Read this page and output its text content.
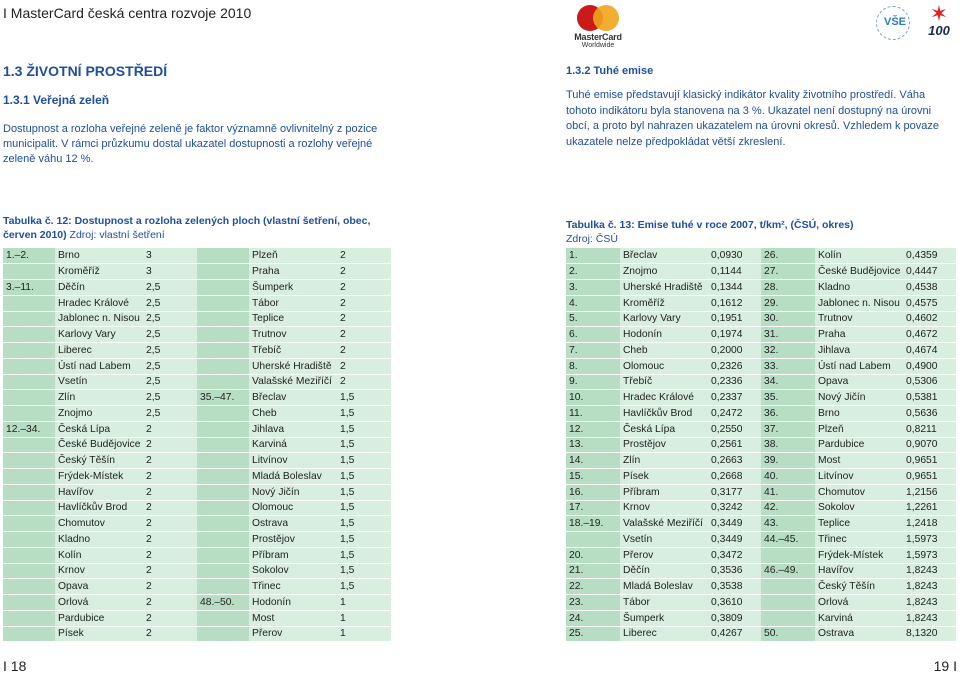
I MasterCard česká centra rozvoje 2010
1.3 ŽIVOTNÍ PROSTŘEDÍ
1.3.1 Veřejná zeleň
Dostupnost a rozloha veřejné zeleně je faktor významně ovlivnitelný z pozice municipalit. V rámci průzkumu dostal ukazatel dostupnosti a rozlohy veřejné zeleně váhu 12 %.
Tabulka č. 12: Dostupnost a rozloha zelených ploch (vlastní šetření, obec, červen 2010) Zdroj: vlastní šetření
1.–2.	Brno	3		Plzeň	2
	Kroměříž	3		Praha	2
3.–11.	Děčín	2,5		Šumperk	2
	Hradec Králové	2,5		Tábor	2
	Jablonec n. Nisou	2,5		Teplice	2
	Karlovy Vary	2,5		Trutnov	2
	Liberec	2,5		Třebíč	2
	Ústí nad Labem	2,5		Uherské Hradiště	2
	Vsetín	2,5		Valašské Meziříčí	2
	Zlín	2,5	35.–47.	Břeclav	1,5
	Znojmo	2,5		Cheb	1,5
12.–34.	Česká Lípa	2		Jihlava	1,5
	České Budějovice	2		Karviná	1,5
	Český Těšín	2		Litvínov	1,5
	Frýdek-Místek	2		Mladá Boleslav	1,5
	Havířov	2		Nový Jičín	1,5
	Havlíčkův Brod	2		Olomouc	1,5
	Chomutov	2		Ostrava	1,5
	Kladno	2		Prostějov	1,5
	Kolín	2		Příbram	1,5
	Krnov	2		Sokolov	1,5
	Opava	2		Třinec	1,5
	Orlová	2	48.–50.	Hodonín	1
	Pardubice	2		Most	1
	Písek	2		Přerov	1
I 18
MasterCard
Worldwide
VŠE	✶
100
1.3.2 Tuhé emise
Tuhé emise představují klasický indikátor kvality životního prostředí. Váha tohoto indikátoru byla stanovena na 3 %. Ukazatel není dostupný na úrovni obcí, a proto byl nahrazen ukazatelem na úrovni okresů. Vzhledem k povaze ukazatele nelze předpokládat větší zkreslení.
Tabulka č. 13: Emise tuhé v roce 2007, t/km², (ČSÚ, okres)
Zdroj: ČSÚ
1.	Břeclav	0,0930	26.	Kolín	0,4359
2.	Znojmo	0,1144	27.	České Budějovice	0,4447
3.	Uherské Hradiště	0,1344	28.	Kladno	0,4538
4.	Kroměříž	0,1612	29.	Jablonec n. Nisou	0,4575
5.	Karlovy Vary	0,1951	30.	Trutnov	0,4602
6.	Hodonín	0,1974	31.	Praha	0,4672
7.	Cheb	0,2000	32.	Jihlava	0,4674
8.	Olomouc	0,2326	33.	Ústí nad Labem	0,4900
9.	Třebíč	0,2336	34.	Opava	0,5306
10.	Hradec Králové	0,2337	35.	Nový Jičín	0,5381
11.	Havlíčkův Brod	0,2472	36.	Brno	0,5636
12.	Česká Lípa	0,2550	37.	Plzeň	0,8211
13.	Prostějov	0,2561	38.	Pardubice	0,9070
14.	Zlín	0,2663	39.	Most	0,9651
15.	Písek	0,2668	40.	Litvínov	0,9651
16.	Příbram	0,3177	41.	Chomutov	1,2156
17.	Krnov	0,3242	42.	Sokolov	1,2261
18.–19.	Valašské Meziříčí	0,3449	43.	Teplice	1,2418
	Vsetín	0,3449	44.–45.	Třinec	1,5973
20.	Přerov	0,3472		Frýdek-Místek	1,5973
21.	Děčín	0,3536	46.–49.	Havířov	1,8243
22.	Mladá Boleslav	0,3538		Český Těšín	1,8243
23.	Tábor	0,3610		Orlová	1,8243
24.	Šumperk	0,3809		Karviná	1,8243
25.	Liberec	0,4267	50.	Ostrava	8,1320
19 I
